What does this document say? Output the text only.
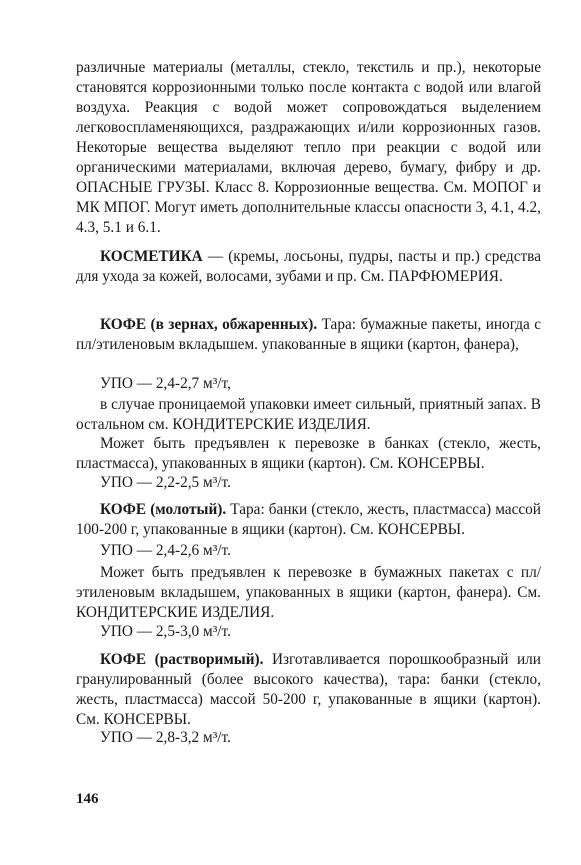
различные материалы (металлы, стекло, текстиль и пр.), некоторые становятся коррозионными только после контакта с водой или влагой воздуха. Реакция с водой может сопровождаться выделением легковоспламеняющихся, раздражающих и/или коррозионных газов. Некоторые вещества выделяют тепло при реакции с водой или органическими материалами, включая дерево, бумагу, фибру и др. ОПАСНЫЕ ГРУЗЫ. Класс 8. Коррозионные вещества. См. МОПОГ и МК МПОГ. Могут иметь дополнительные классы опасности 3, 4.1, 4.2, 4.3, 5.1 и 6.1.
КОСМЕТИКА — (кремы, лосьоны, пудры, пасты и пр.) средства для ухода за кожей, волосами, зубами и пр. См. ПАРФЮМЕРИЯ.
КОФЕ (в зернах, обжаренных). Тара: бумажные пакеты, иногда с пл/этиленовым вкладышем. упакованные в ящики (картон, фанера),
УПО — 2,4-2,7 м³/т,
в случае проницаемой упаковки имеет сильный, приятный запах. В остальном см. КОНДИТЕРСКИЕ ИЗДЕЛИЯ.
Может быть предъявлен к перевозке в банках (стекло, жесть, пластмасса), упакованных в ящики (картон). См. КОНСЕРВЫ.
УПО — 2,2-2,5 м³/т.
КОФЕ (молотый). Тара: банки (стекло, жесть, пластмасса) массой 100-200 г, упакованные в ящики (картон). См. КОНСЕРВЫ.
УПО — 2,4-2,6 м³/т.
Может быть предъявлен к перевозке в бумажных пакетах с пл/этиленовым вкладышем, упакованных в ящики (картон, фанера). См. КОНДИТЕРСКИЕ ИЗДЕЛИЯ.
УПО — 2,5-3,0 м³/т.
КОФЕ (растворимый). Изготавливается порошкообразный или гранулированный (более высокого качества), тара: банки (стекло, жесть, пластмасса) массой 50-200 г, упакованные в ящики (картон). См. КОНСЕРВЫ.
УПО — 2,8-3,2 м³/т.
146
